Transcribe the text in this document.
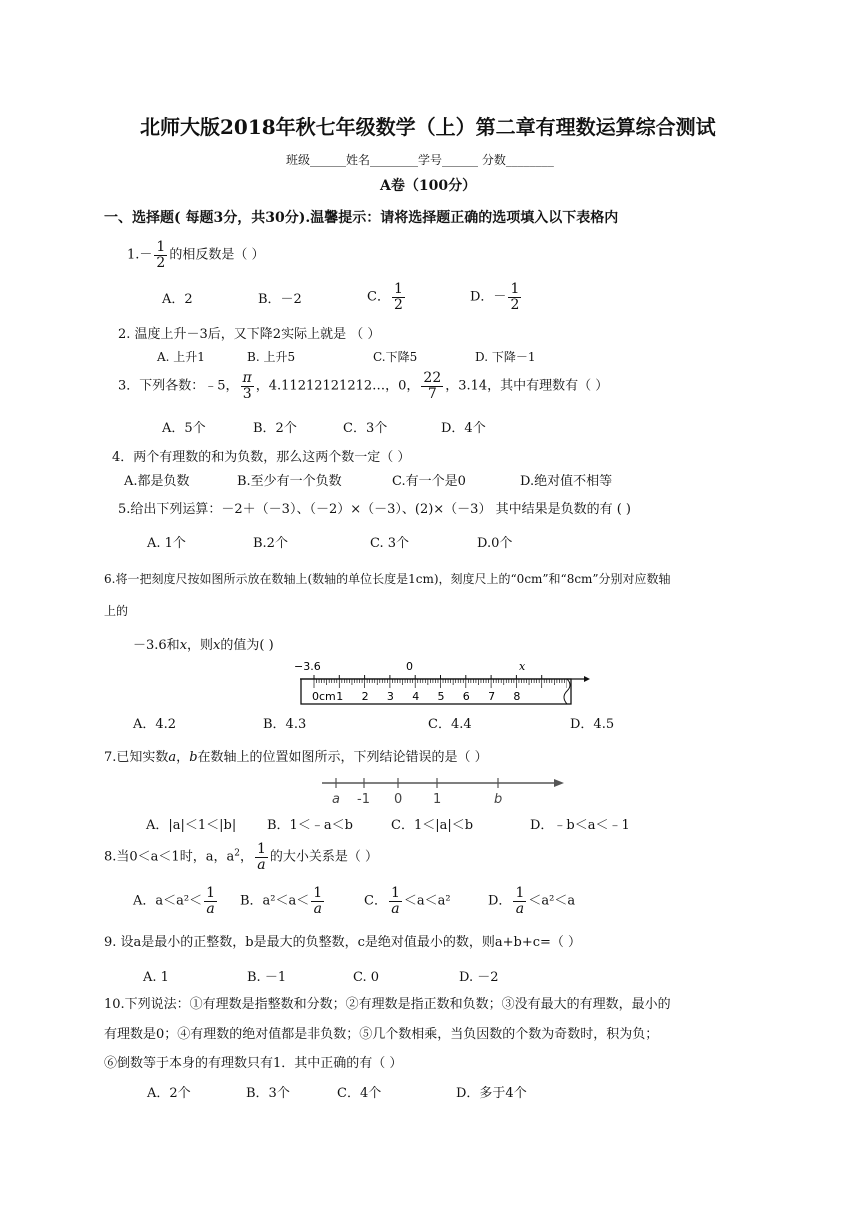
北师大版2018年秋七年级数学（上）第二章有理数运算综合测试
班级______姓名________学号______ 分数________
A卷（100分）
一、选择题( 每题3分，共30分).温馨提示：请将选择题正确的选项填入以下表格内
$1.- \frac{1}{2}$ 的相反数是（ ）
A．2	B．－2	C． $\frac{1}{2}$	D．－ $\frac{1}{2}$
2. 温度上升－3后，又下降2实际上就是 （ ）
A. 上升1	B. 上升5	C.下降5	D. 下降－1
3．下列各数：﹣5， $\frac{\pi}{3}$ ，4.11212121212…，0， $\frac{22}{7}$ ，3.14，其中有理数有（ ）
A．5个	B．2个	C．3个	D．4个
4．两个有理数的和为负数，那么这两个数一定（ ）
A.都是负数	B.至少有一个负数	C.有一个是0	D.绝对值不相等
5.给出下列运算：－2＋（－3）、（－2）×（－3）、(2)×（－3） 其中结果是负数的有 ( )
A. 1个	B.2个	C. 3个	D.0个
6.将一把刻度尺按如图所示放在数轴上(数轴的单位长度是1cm)，刻度尺上的“0cm”和“8cm”分别对应数轴
上的
－3.6和x，则x的值为( )
−3.6	0	x
0cm 1 2 3 4 5 6 7 8
A．4.2	B．4.3	C．4.4	D．4.5
7.已知实数a，b在数轴上的位置如图所示，下列结论错误的是（ ）
a -1 0 1	b
A．|a|＜1＜|b| B．1＜﹣a＜b	C．1＜|a|＜b	D．﹣b＜a＜﹣1
8.当0＜a＜1时，a，$a^2$， $\frac{1}{a}$ 的大小关系是（ ）
A．$a<a^2< \frac{1}{a}$ B．$a^2<a< \frac{1}{a}$	C． $\frac{1}{a} <a<a^2$	D． $\frac{1}{a} <a^2<a$
9. 设a是最小的正整数，b是最大的负整数，c是绝对值最小的数，则a+b+c=（ ）
A. 1	B. －1	C. 0	D. －2
10.下列说法：①有理数是指整数和分数；②有理数是指正数和负数；③没有最大的有理数，最小的
有理数是0；④有理数的绝对值都是非负数；⑤几个数相乘，当负因数的个数为奇数时，积为负；
⑥倒数等于本身的有理数只有1．其中正确的有（ ）
A．2个	B．3个	C．4个	D．多于4个
